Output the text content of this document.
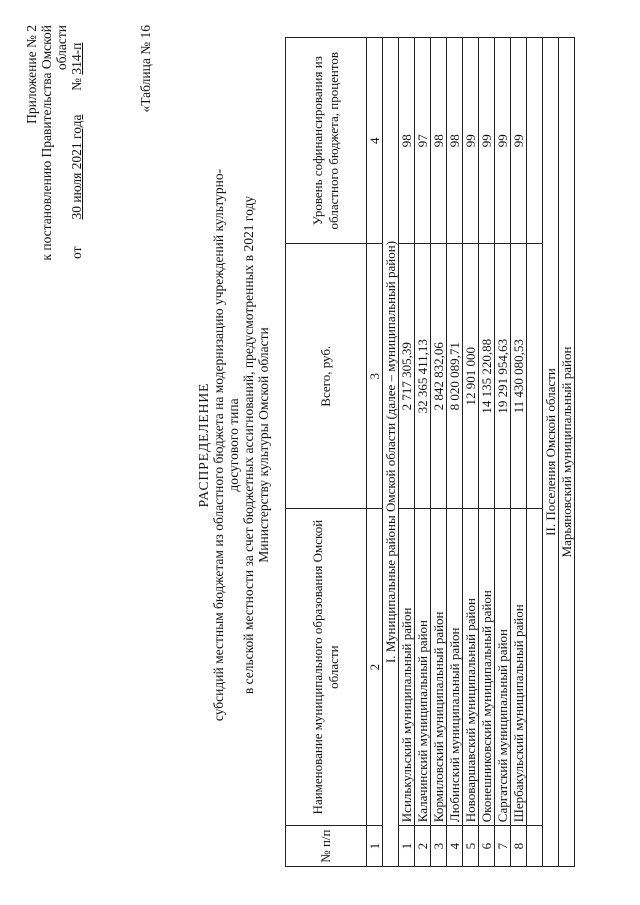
Приложение № 2 к постановлению Правительства Омской области
от        30 июля 2021 года       № 314-п	«Таблица № 16
РАСПРЕДЕЛЕНИЕ субсидий местным бюджетам из областного бюджета на модернизацию учреждений культурно-досугового типа в сельской местности за счет бюджетных ассигнований, предусмотренных в 2021 году Министерству культуры Омской области
№ п/п	Наименование муниципального образования Омской области	Всего, руб.	Уровень софинансирования из областного бюджета, процентов
1	2	3	4
I. Муниципальные районы Омской области (далее – муниципальный район)			
1	Исилькульский муниципальный район	2 717 305,39	98
2	Калачинский муниципальный район	32 365 411,13	97
3	Кормиловский муниципальный район	2 842 832,06	98
4	Любинский муниципальный район	8 020 089,71	98
5	Нововаршавский муниципальный район	12 901 000	99
6	Оконешниковский муниципальный район	14 135 220,88	99
7	Саргатский муниципальный район	19 291 954,63	99
8	Шербакульский муниципальный район	11 430 080,53	99

II. Поселения Омской области			
Марьяновский муниципальный район			
